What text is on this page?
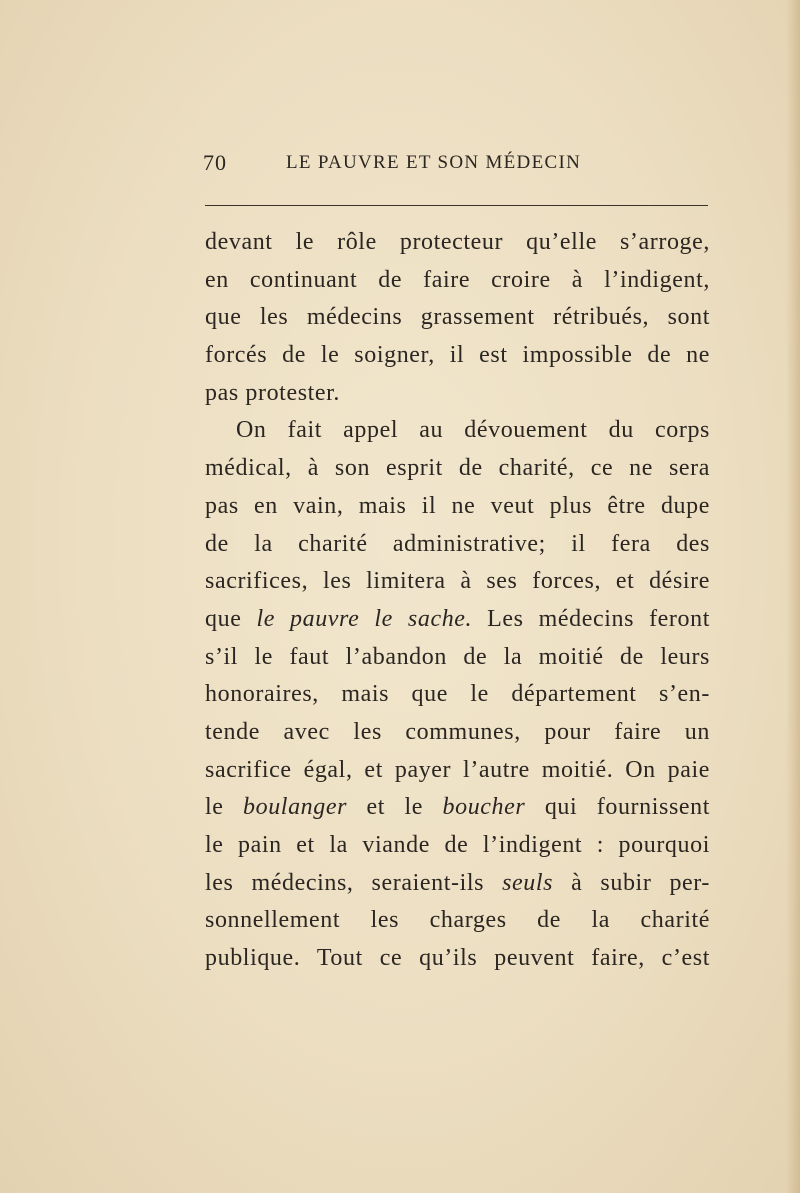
70	LE PAUVRE ET SON MÉDECIN
devant le rôle protecteur qu’elle s’arroge,
en continuant de faire croire à l’indigent,
que les médecins grassement rétribués, sont
forcés de le soigner, il est impossible de ne
pas protester.
On fait appel au dévouement du corps
médical, à son esprit de charité, ce ne sera
pas en vain, mais il ne veut plus être dupe
de la charité administrative; il fera des
sacrifices, les limitera à ses forces, et désire
que le pauvre le sache. Les médecins feront
s’il le faut l’abandon de la moitié de leurs
honoraires, mais que le département s’en-
tende avec les communes, pour faire un
sacrifice égal, et payer l’autre moitié. On paie
le boulanger et le boucher qui fournissent
le pain et la viande de l’indigent : pourquoi
les médecins, seraient-ils seuls à subir per-
sonnellement les charges de la charité
publique. Tout ce qu’ils peuvent faire, c’est
